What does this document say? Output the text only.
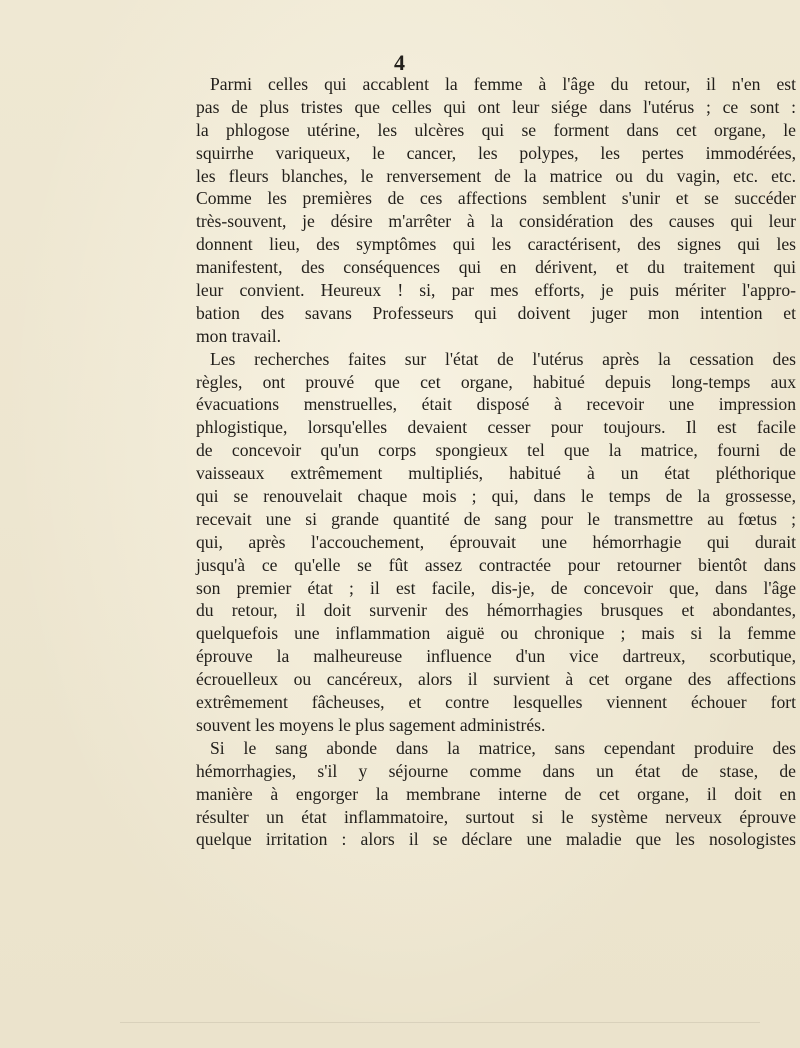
4
Parmi celles qui accablent la femme à l'âge du retour, il n'en est
pas de plus tristes que celles qui ont leur siége dans l'utérus ; ce sont :
la phlogose utérine, les ulcères qui se forment dans cet organe, le
squirrhe variqueux, le cancer, les polypes, les pertes immodérées,
les fleurs blanches, le renversement de la matrice ou du vagin, etc. etc.
Comme les premières de ces affections semblent s'unir et se succéder
très-souvent, je désire m'arrêter à la considération des causes qui leur
donnent lieu, des symptômes qui les caractérisent, des signes qui les
manifestent, des conséquences qui en dérivent, et du traitement qui
leur convient. Heureux ! si, par mes efforts, je puis mériter l'appro-
bation des savans Professeurs qui doivent juger mon intention et
mon travail.
Les recherches faites sur l'état de l'utérus après la cessation des
règles, ont prouvé que cet organe, habitué depuis long-temps aux
évacuations menstruelles, était disposé à recevoir une impression
phlogistique, lorsqu'elles devaient cesser pour toujours. Il est facile
de concevoir qu'un corps spongieux tel que la matrice, fourni de
vaisseaux extrêmement multipliés, habitué à un état pléthorique
qui se renouvelait chaque mois ; qui, dans le temps de la grossesse,
recevait une si grande quantité de sang pour le transmettre au fœtus ;
qui, après l'accouchement, éprouvait une hémorrhagie qui durait
jusqu'à ce qu'elle se fût assez contractée pour retourner bientôt dans
son premier état ; il est facile, dis-je, de concevoir que, dans l'âge
du retour, il doit survenir des hémorrhagies brusques et abondantes,
quelquefois une inflammation aiguë ou chronique ; mais si la femme
éprouve la malheureuse influence d'un vice dartreux, scorbutique,
écrouelleux ou cancéreux, alors il survient à cet organe des affections
extrêmement fâcheuses, et contre lesquelles viennent échouer fort
souvent les moyens le plus sagement administrés.
Si le sang abonde dans la matrice, sans cependant produire des
hémorrhagies, s'il y séjourne comme dans un état de stase, de
manière à engorger la membrane interne de cet organe, il doit en
résulter un état inflammatoire, surtout si le système nerveux éprouve
quelque irritation : alors il se déclare une maladie que les nosologistes
